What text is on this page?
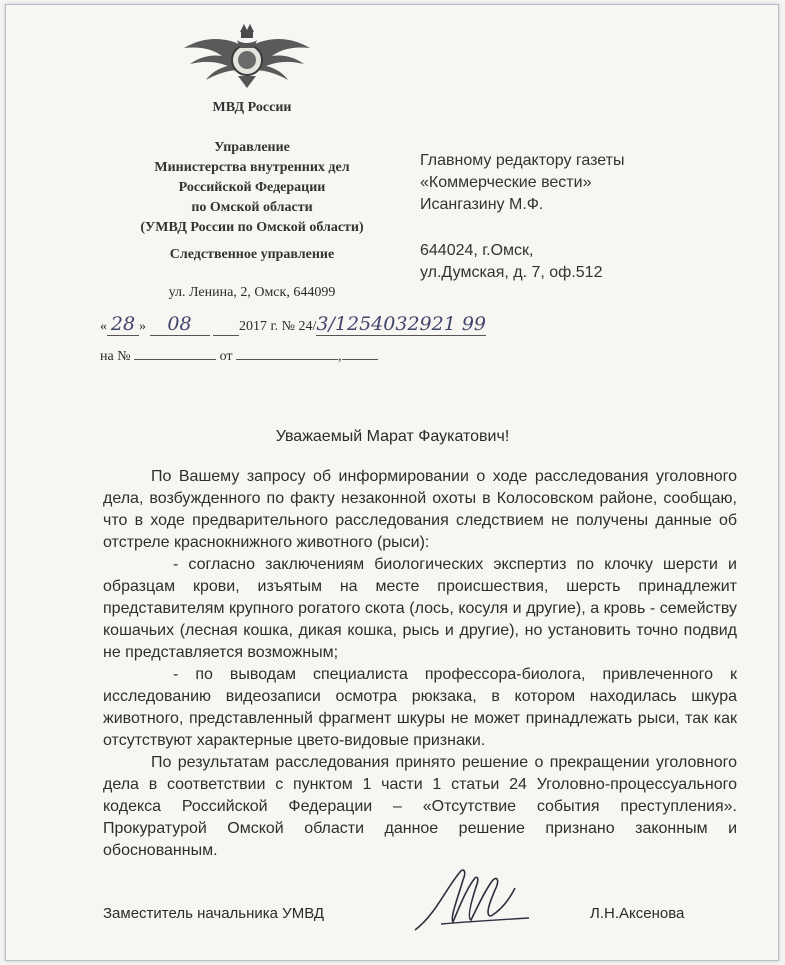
МВД России
Управление
Министерства внутренних дел
Российской Федерации
по Омской области
(УМВД России по Омской области)
Следственное управление
ул. Ленина, 2, Омск, 644099
Главному редактору газеты
«Коммерческие вести»
Исангазину М.Ф.
644024, г.Омск,
ул.Думская, д. 7, оф.512
« 28 » 08	2017 г. № 24/3/1254032921 99
на №	от	,
Уважаемый Марат Фаукатович!

По Вашему запросу об информировании о ходе расследования уголовного дела, возбужденного по факту незаконной охоты в Колосовском районе, сообщаю, что в ходе предварительного расследования следствием не получены данные об отстреле краснокнижного животного (рыси):

- согласно заключениям биологических экспертиз по клочку шерсти и образцам крови, изъятым на месте происшествия, шерсть принадлежит представителям крупного рогатого скота (лось, косуля и другие), а кровь - семейству кошачьих (лесная кошка, дикая кошка, рысь и другие), но установить точно подвид не представляется возможным;

- по выводам специалиста профессора-биолога, привлеченного к исследованию видеозаписи осмотра рюкзака, в котором находилась шкура животного, представленный фрагмент шкуры не может принадлежать рыси, так как отсутствуют характерные цвето-видовые признаки.

По результатам расследования принято решение о прекращении уголовного дела в соответствии с пунктом 1 части 1 статьи 24 Уголовно-процессуального кодекса Российской Федерации – «Отсутствие события преступления». Прокуратурой Омской области данное решение признано законным и обоснованным.

Заместитель начальника УМВД	Л.Н.Аксенова
